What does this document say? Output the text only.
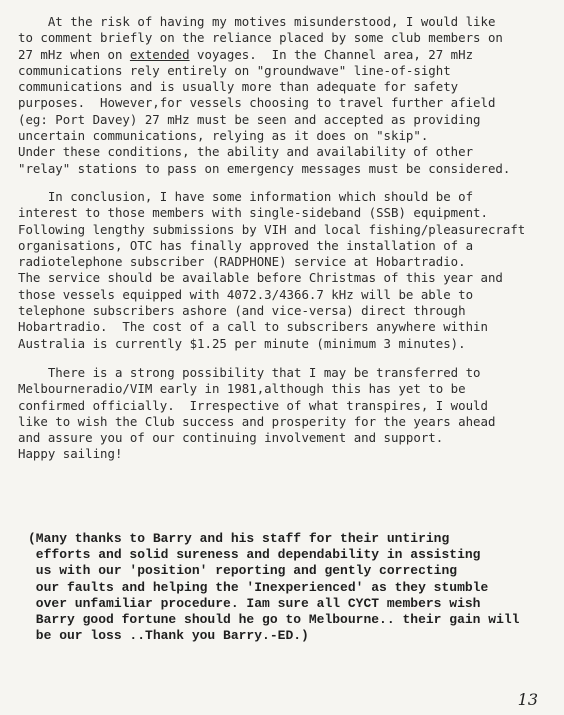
At the risk of having my motives misunderstood, I would like
to comment briefly on the reliance placed by some club members on
27 mHz when on extended voyages.  In the Channel area, 27 mHz
communications rely entirely on "groundwave" line-of-sight
communications and is usually more than adequate for safety
purposes.  However,for vessels choosing to travel further afield
(eg: Port Davey) 27 mHz must be seen and accepted as providing
uncertain communications, relying as it does on "skip".
Under these conditions, the ability and availability of other
"relay" stations to pass on emergency messages must be considered.
In conclusion, I have some information which should be of
interest to those members with single-sideband (SSB) equipment.
Following lengthy submissions by VIH and local fishing/pleasurecraft
organisations, OTC has finally approved the installation of a
radiotelephone subscriber (RADPHONE) service at Hobartradio.
The service should be available before Christmas of this year and
those vessels equipped with 4072.3/4366.7 kHz will be able to
telephone subscribers ashore (and vice-versa) direct through
Hobartradio.  The cost of a call to subscribers anywhere within
Australia is currently $1.25 per minute (minimum 3 minutes).
There is a strong possibility that I may be transferred to
Melbourneradio/VIM early in 1981,although this has yet to be
confirmed officially.  Irrespective of what transpires, I would
like to wish the Club success and prosperity for the years ahead
and assure you of our continuing involvement and support.
Happy sailing!
(Many thanks to Barry and his staff for their untiring
efforts and solid sureness and dependability in assisting
us with our 'position' reporting and gently correcting
our faults and helping the 'Inexperienced' as they stumble
over unfamiliar procedure. Iam sure all CYCT members wish
Barry good fortune should he go to Melbourne.. their gain will
be our loss ..Thank you Barry.-ED.)
13
